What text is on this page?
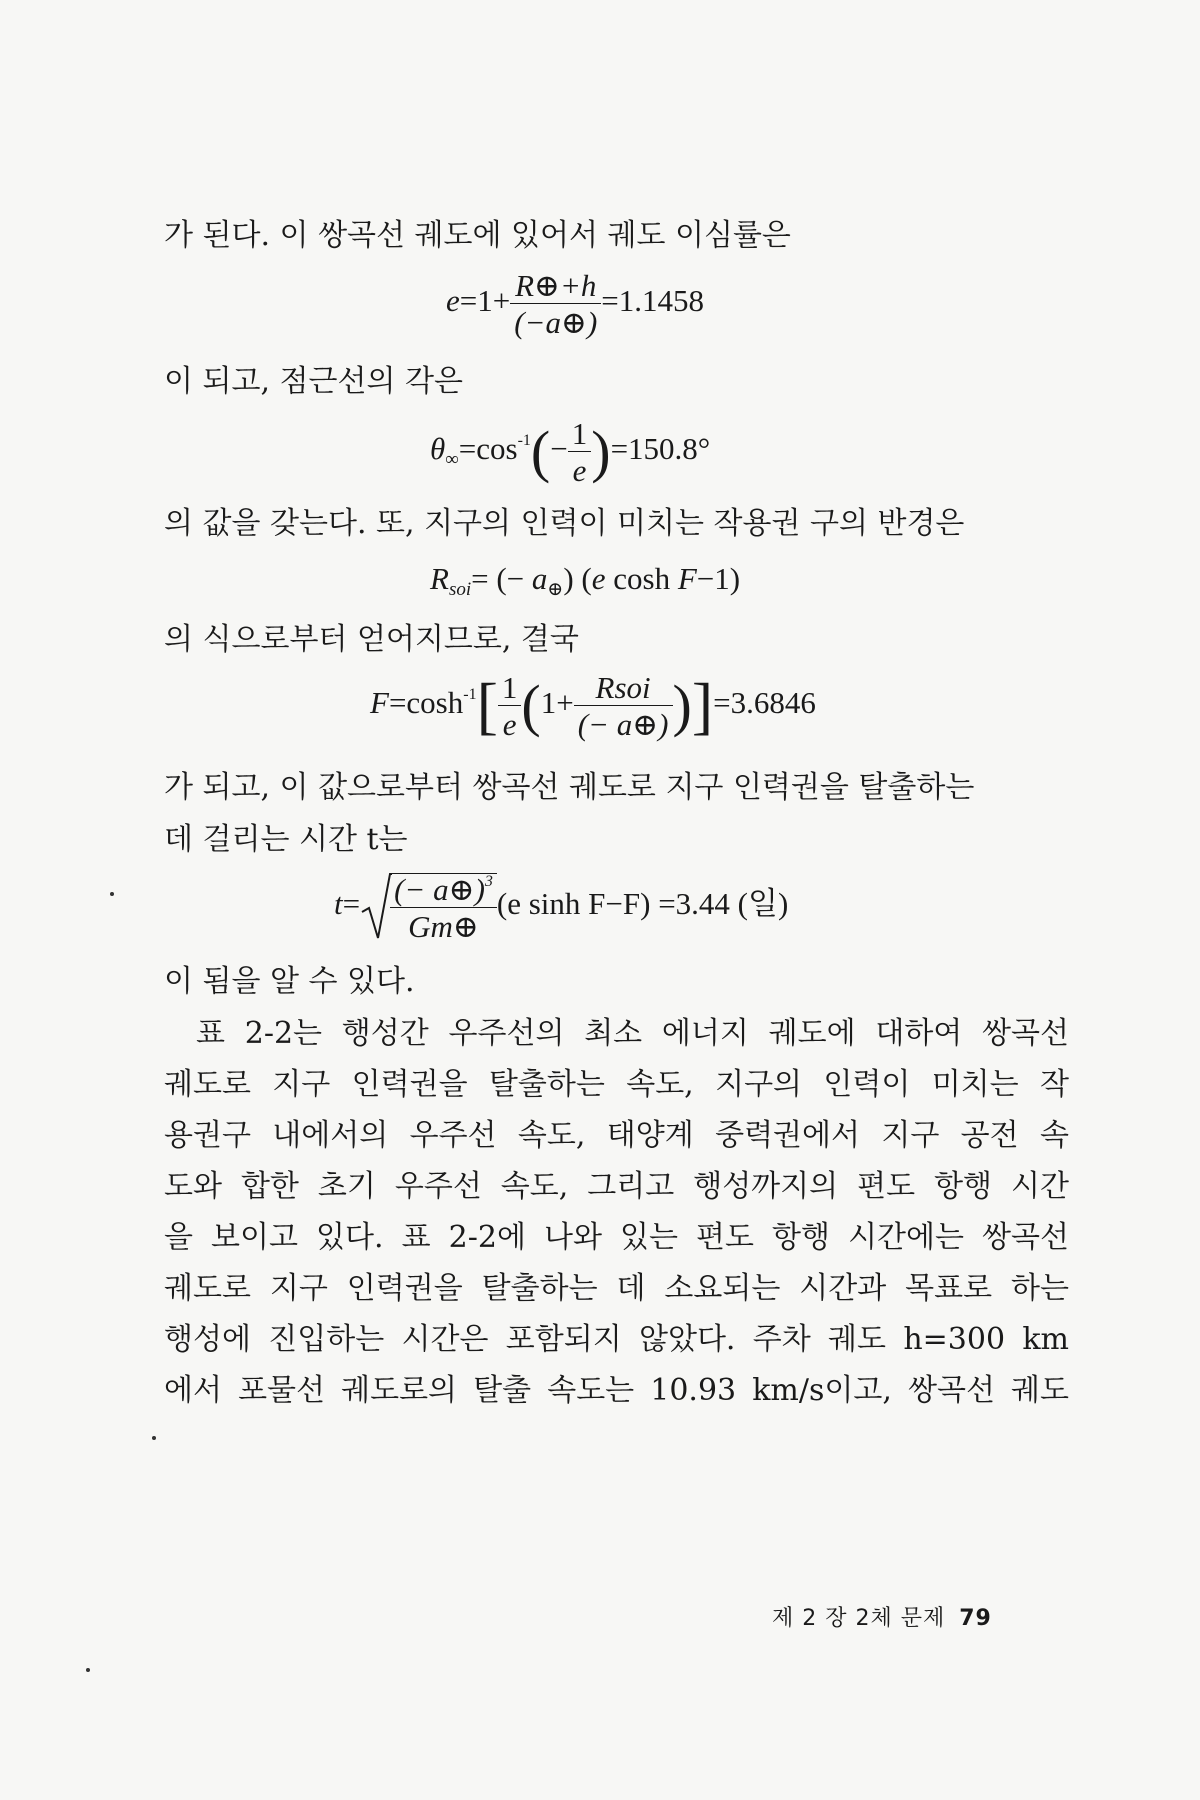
가 된다. 이 쌍곡선 궤도에 있어서 궤도 이심률은
$e=1+ \frac{R\oplus+h}{(-a\oplus)} =1.1458$
이 되고, 점근선의 각은
$\theta_\infty=\cos^{-1}(- \frac{1}{e} )=150.8^\circ$
의 값을 갖는다. 또, 지구의 인력이 미치는 작용권 구의 반경은
$R_{soi}=$ (− $a_\oplus$) (e cosh F−1)
의 식으로부터 얻어지므로, 결국
$F=\cosh^{-1}[ \frac{1}{e} (1+ \frac{\text{Rsoi}}{(- a\oplus)} )]=3.6846$
가 되고, 이 값으로부터 쌍곡선 궤도로 지구 인력권을 탈출하는
데 걸리는 시간 t는
$t= \frac{(- a\oplus)^3}{Gm\oplus} (e$ sinh F−F) =3.44 (일)
이 됨을 알 수 있다.
표 2-2는 행성간 우주선의 최소 에너지 궤도에 대하여 쌍곡선
궤도로 지구 인력권을 탈출하는 속도, 지구의 인력이 미치는 작
용권구 내에서의 우주선 속도, 태양계 중력권에서 지구 공전 속
도와 합한 초기 우주선 속도, 그리고 행성까지의 편도 항행 시간
을 보이고 있다. 표 2-2에 나와 있는 편도 항행 시간에는 쌍곡선
궤도로 지구 인력권을 탈출하는 데 소요되는 시간과 목표로 하는
행성에 진입하는 시간은 포함되지 않았다. 주차 궤도 h=300 km
에서 포물선 궤도로의 탈출 속도는 10.93 km/s이고, 쌍곡선 궤도
제 2 장 2체 문제 79
